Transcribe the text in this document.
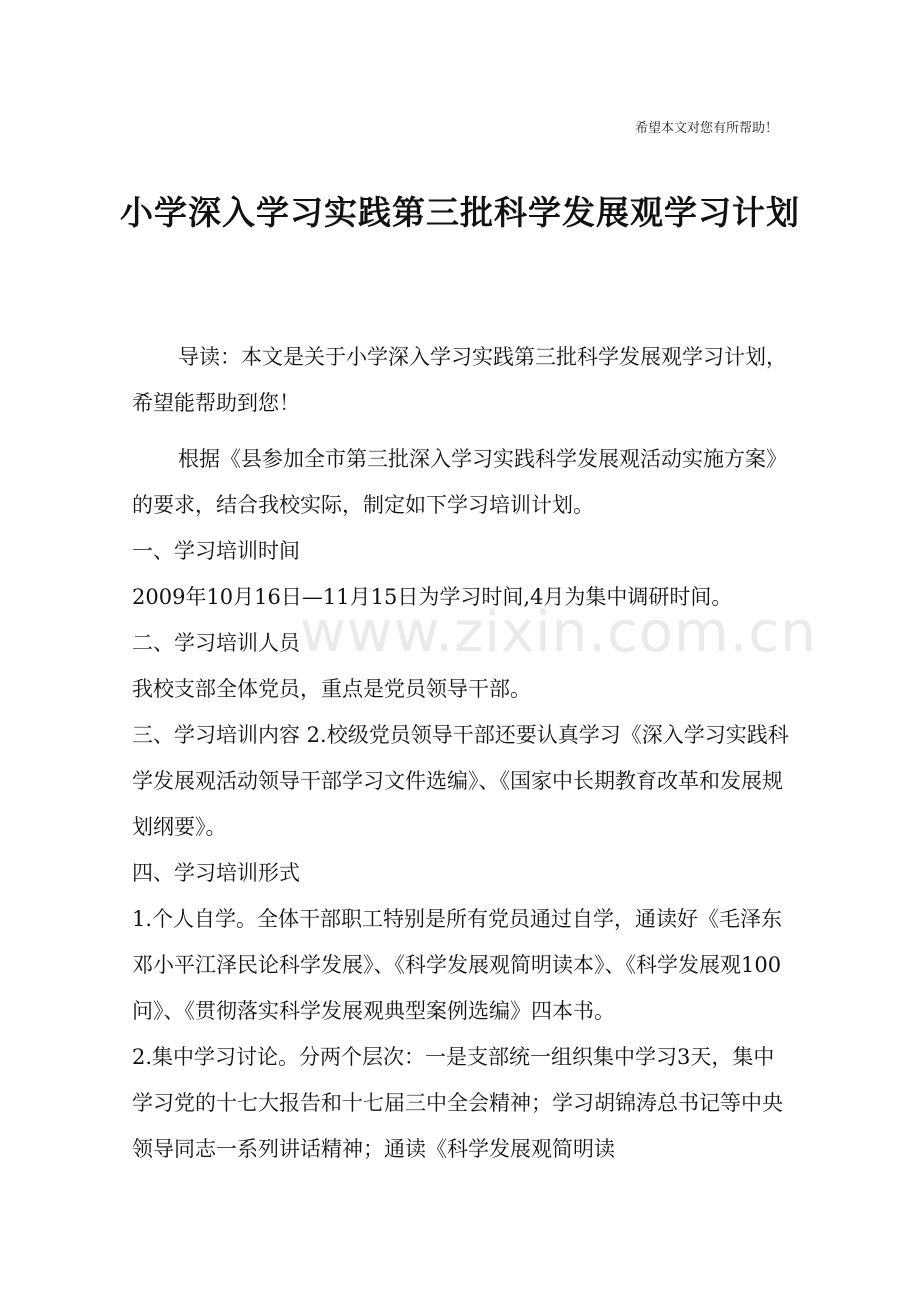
希望本文对您有所帮助！
小学深入学习实践第三批科学发展观学习计划

导读：本文是关于小学深入学习实践第三批科学发展观学习计划，希望能帮助到您！

根据《县参加全市第三批深入学习实践科学发展观活动实施方案》的要求，结合我校实际，制定如下学习培训计划。

一、学习培训时间

2009年10月16日—11月15日为学习时间,4月为集中调研时间。

二、学习培训人员

我校支部全体党员，重点是党员领导干部。

三、学习培训内容 2.校级党员领导干部还要认真学习《深入学习实践科学发展观活动领导干部学习文件选编》、《国家中长期教育改革和发展规划纲要》。

四、学习培训形式

1.个人自学。全体干部职工特别是所有党员通过自学，通读好《毛泽东邓小平江泽民论科学发展》、《科学发展观简明读本》、《科学发展观100问》、《贯彻落实科学发展观典型案例选编》四本书。

2.集中学习讨论。分两个层次：一是支部统一组织集中学习3天，集中学习党的十七大报告和十七届三中全会精神；学习胡锦涛总书记等中央领导同志一系列讲话精神；通读《科学发展观简明读

www.zixin.com.cn
